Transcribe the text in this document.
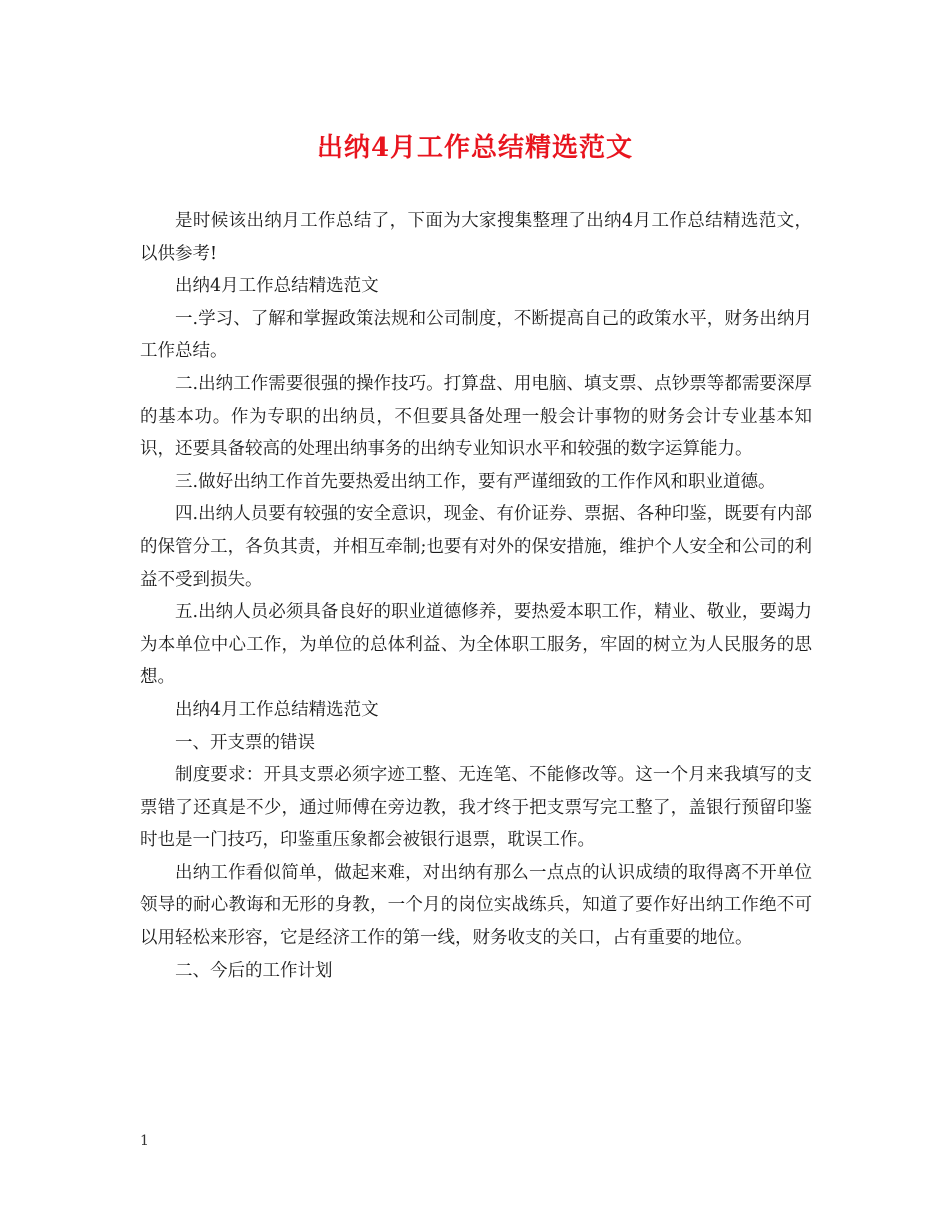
出纳4月工作总结精选范文

是时候该出纳月工作总结了，下面为大家搜集整理了出纳4月工作总结精选范文，以供参考!

出纳4月工作总结精选范文

一.学习、了解和掌握政策法规和公司制度，不断提高自己的政策水平，财务出纳月工作总结。

二.出纳工作需要很强的操作技巧。打算盘、用电脑、填支票、点钞票等都需要深厚的基本功。作为专职的出纳员，不但要具备处理一般会计事物的财务会计专业基本知识，还要具备较高的处理出纳事务的出纳专业知识水平和较强的数字运算能力。

三.做好出纳工作首先要热爱出纳工作，要有严谨细致的工作作风和职业道德。

四.出纳人员要有较强的安全意识，现金、有价证券、票据、各种印鉴，既要有内部的保管分工，各负其责，并相互牵制;也要有对外的保安措施，维护个人安全和公司的利益不受到损失。

五.出纳人员必须具备良好的职业道德修养，要热爱本职工作，精业、敬业，要竭力为本单位中心工作，为单位的总体利益、为全体职工服务，牢固的树立为人民服务的思想。

出纳4月工作总结精选范文

一、开支票的错误

制度要求：开具支票必须字迹工整、无连笔、不能修改等。这一个月来我填写的支票错了还真是不少，通过师傅在旁边教，我才终于把支票写完工整了，盖银行预留印鉴时也是一门技巧，印鉴重压象都会被银行退票，耽误工作。

出纳工作看似简单，做起来难，对出纳有那么一点点的认识成绩的取得离不开单位领导的耐心教诲和无形的身教，一个月的岗位实战练兵，知道了要作好出纳工作绝不可以用轻松来形容，它是经济工作的第一线，财务收支的关口，占有重要的地位。

二、今后的工作计划

1
